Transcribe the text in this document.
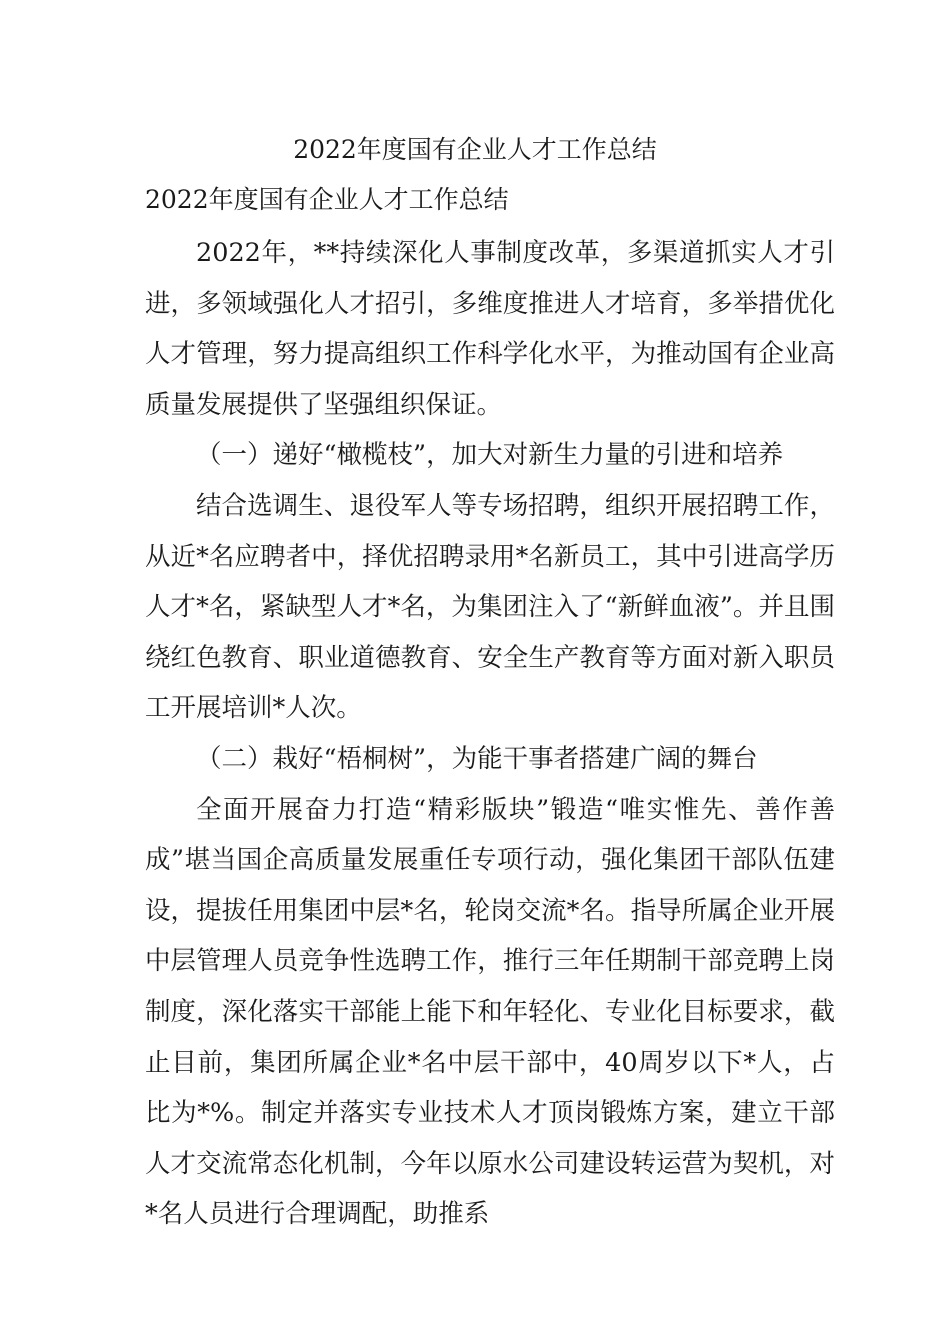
2022年度国有企业人才工作总结
2022年度国有企业人才工作总结

2022年，**持续深化人事制度改革，多渠道抓实人才引进，多领域强化人才招引，多维度推进人才培育，多举措优化人才管理，努力提高组织工作科学化水平，为推动国有企业高质量发展提供了坚强组织保证。

（一）递好“橄榄枝”，加大对新生力量的引进和培养

结合选调生、退役军人等专场招聘，组织开展招聘工作，从近*名应聘者中，择优招聘录用*名新员工，其中引进高学历人才*名，紧缺型人才*名，为集团注入了“新鲜血液”。并且围绕红色教育、职业道德教育、安全生产教育等方面对新入职员工开展培训*人次。

（二）栽好“梧桐树”，为能干事者搭建广阔的舞台

全面开展奋力打造“精彩版块”锻造“唯实惟先、善作善成”堪当国企高质量发展重任专项行动，强化集团干部队伍建设，提拔任用集团中层*名，轮岗交流*名。指导所属企业开展中层管理人员竞争性选聘工作，推行三年任期制干部竞聘上岗制度，深化落实干部能上能下和年轻化、专业化目标要求，截止目前，集团所属企业*名中层干部中，40周岁以下*人，占比为*%。制定并落实专业技术人才顶岗锻炼方案，建立干部人才交流常态化机制，今年以原水公司建设转运营为契机，对*名人员进行合理调配，助推系
